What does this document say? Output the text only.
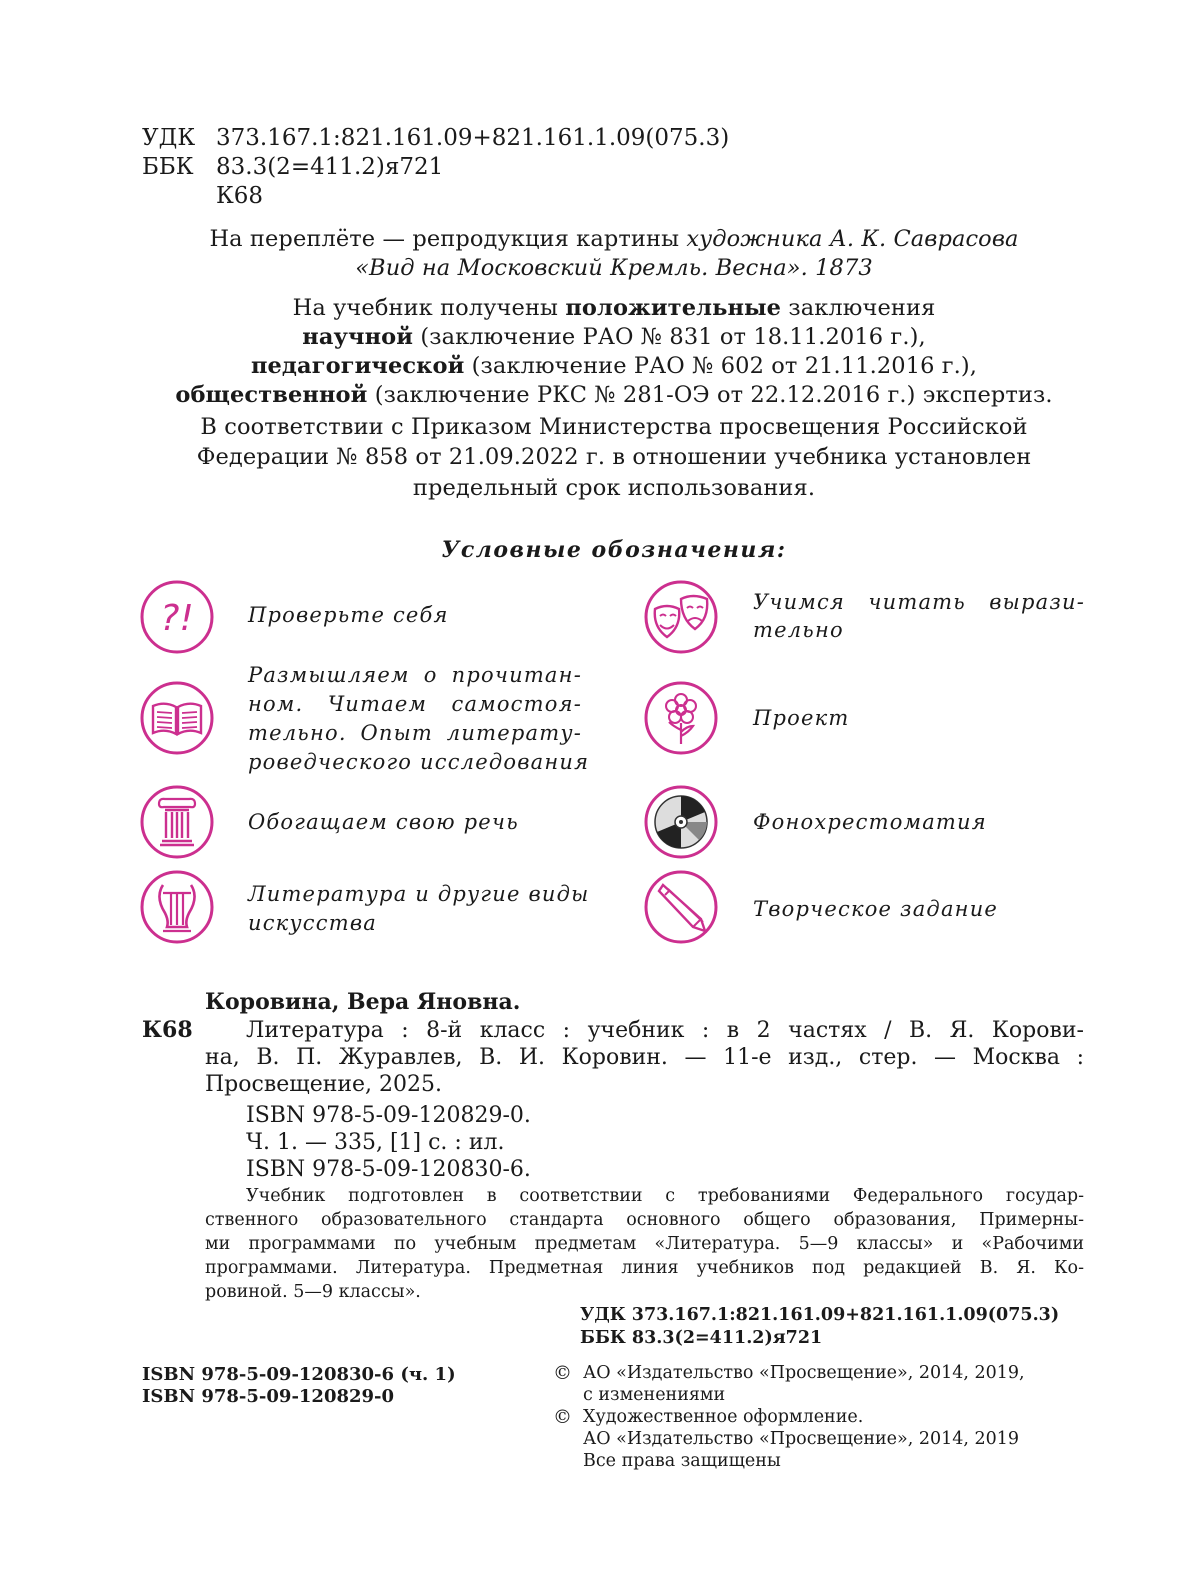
УДК 373.167.1:821.161.09+821.161.1.09(075.3)
ББК 83.3(2=411.2)я721
К68
На переплёте — репродукция картины художника А. К. Саврасова
«Вид на Московский Кремль. Весна». 1873
На учебник получены положительные заключения
научной (заключение РАО № 831 от 18.11.2016 г.),
педагогической (заключение РАО № 602 от 21.11.2016 г.),
общественной (заключение РКС № 281-ОЭ от 22.12.2016 г.) экспертиз.
В соответствии с Приказом Министерства просвещения Российской
Федерации № 858 от 21.09.2022 г. в отношении учебника установлен
предельный срок использования.
Условные обозначения:
?!	Проверьте себя
Размышляем о прочитан-
ном. Читаем самостоя-
тельно. Опыт литерату-
роведческого исследования
Обогащаем свою речь
Литература и другие виды
искусства
Учимся читать вырази-
тельно
Проект
Фонохрестоматия
Творческое задание
Коровина, Вера Яновна.
К68 Литература : 8-й класс : учебник : в 2 частях / В. Я. Корови-
на, В. П. Журавлев, В. И. Коровин. — 11-е изд., стер. — Москва :
Просвещение, 2025.
ISBN 978-5-09-120829-0.
Ч. 1. — 335, [1] с. : ил.
ISBN 978-5-09-120830-6.
Учебник подготовлен в соответствии с требованиями Федерального государ-
ственного образовательного стандарта основного общего образования, Примерны-
ми программами по учебным предметам «Литература. 5—9 классы» и «Рабочими
программами. Литература. Предметная линия учебников под редакцией В. Я. Ко-
ровиной. 5—9 классы».
УДК 373.167.1:821.161.09+821.161.1.09(075.3)
ББК 83.3(2=411.2)я721
ISBN 978-5-09-120830-6 (ч. 1)
ISBN 978-5-09-120829-0
© АО «Издательство «Просвещение», 2014, 2019,
с изменениями
© Художественное оформление.
АО «Издательство «Просвещение», 2014, 2019
Все права защищены
